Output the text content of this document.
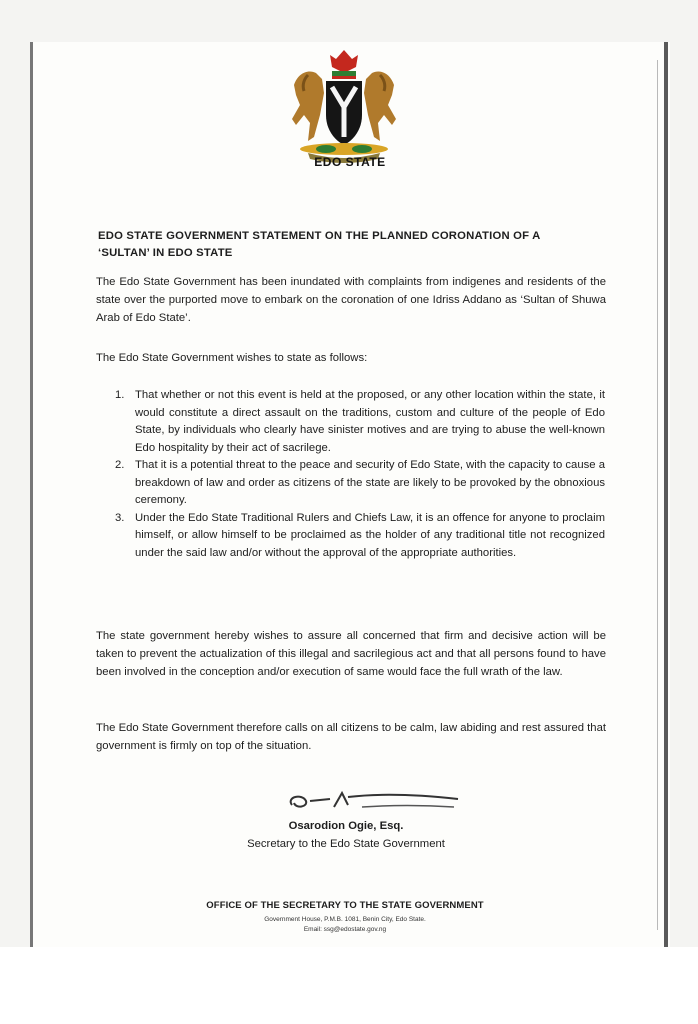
EDO STATE
EDO STATE GOVERNMENT STATEMENT ON THE PLANNED CORONATION OF A
‘SULTAN’ IN EDO STATE
The Edo State Government has been inundated with complaints from indigenes and residents of the state over the purported move to embark on the coronation of one Idriss Addano as ‘Sultan of Shuwa Arab of Edo State’.
The Edo State Government wishes to state as follows:
1. That whether or not this event is held at the proposed, or any other location within the state, it would constitute a direct assault on the traditions, custom and culture of the people of Edo State, by individuals who clearly have sinister motives and are trying to abuse the well-known Edo hospitality by their act of sacrilege.
2. That it is a potential threat to the peace and security of Edo State, with the capacity to cause a breakdown of law and order as citizens of the state are likely to be provoked by the obnoxious ceremony.
3. Under the Edo State Traditional Rulers and Chiefs Law, it is an offence for anyone to proclaim himself, or allow himself to be proclaimed as the holder of any traditional title not recognized under the said law and/or without the approval of the appropriate authorities.
The state government hereby wishes to assure all concerned that firm and decisive action will be taken to prevent the actualization of this illegal and sacrilegious act and that all persons found to have been involved in the conception and/or execution of same would face the full wrath of the law.
The Edo State Government therefore calls on all citizens to be calm, law abiding and rest assured that government is firmly on top of the situation.
Osarodion Ogie, Esq.
Secretary to the Edo State Government
OFFICE OF THE SECRETARY TO THE STATE GOVERNMENT
Government House, P.M.B. 1081, Benin City, Edo State.
Email: ssg@edostate.gov.ng
